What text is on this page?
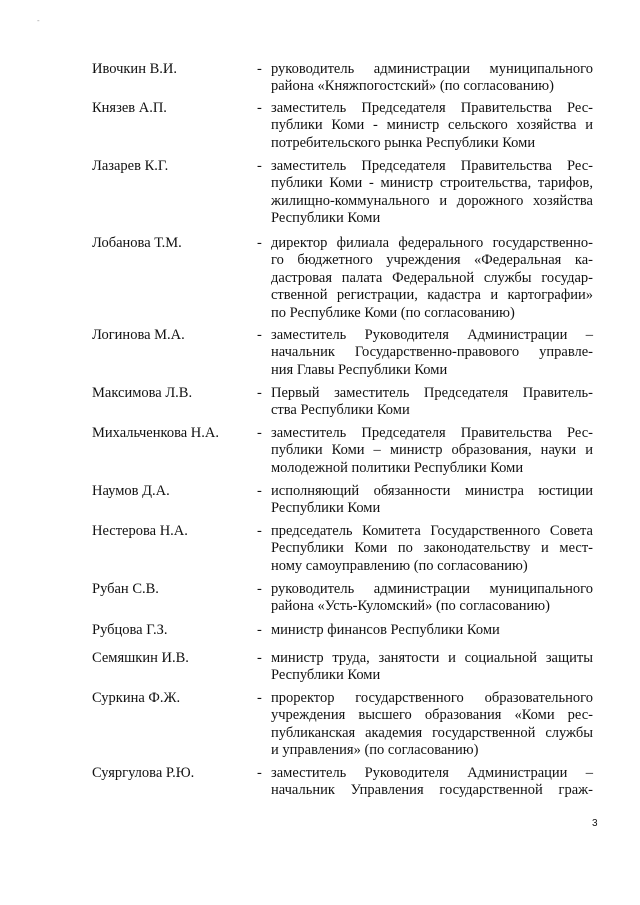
-
Ивочкин В.И.	- руководитель администрации муниципального
района «Княжпогостский» (по согласованию)
Князев А.П.	- заместитель Председателя Правительства Рес-
публики Коми - министр сельского хозяйства и
потребительского рынка Республики Коми
Лазарев К.Г.	- заместитель Председателя Правительства Рес-
публики Коми - министр строительства, тарифов,
жилищно-коммунального и дорожного хозяйства
Республики Коми
Лобанова Т.М.	- директор филиала федерального государственно-
го бюджетного учреждения «Федеральная ка-
дастровая палата Федеральной службы государ-
ственной регистрации, кадастра и картографии»
по Республике Коми (по согласованию)
Логинова М.А.	- заместитель Руководителя Администрации –
начальник Государственно-правового управле-
ния Главы Республики Коми
Максимова Л.В.	- Первый заместитель Председателя Правитель-
ства Республики Коми
Михальченкова Н.А.	- заместитель Председателя Правительства Рес-
публики Коми – министр образования, науки и
молодежной политики Республики Коми
Наумов Д.А.	- исполняющий обязанности министра юстиции
Республики Коми
Нестерова Н.А.	- председатель Комитета Государственного Совета
Республики Коми по законодательству и мест-
ному самоуправлению (по согласованию)
Рубан С.В.	- руководитель администрации муниципального
района «Усть-Куломский» (по согласованию)
Рубцова Г.З.	- министр финансов Республики Коми
Семяшкин И.В.	- министр труда, занятости и социальной защиты
Республики Коми
Суркина Ф.Ж.	- проректор государственного образовательного
учреждения высшего образования «Коми рес-
публиканская академия государственной службы
и управления» (по согласованию)
Суяргулова Р.Ю.	- заместитель Руководителя Администрации –
начальник Управления государственной граж-
3
